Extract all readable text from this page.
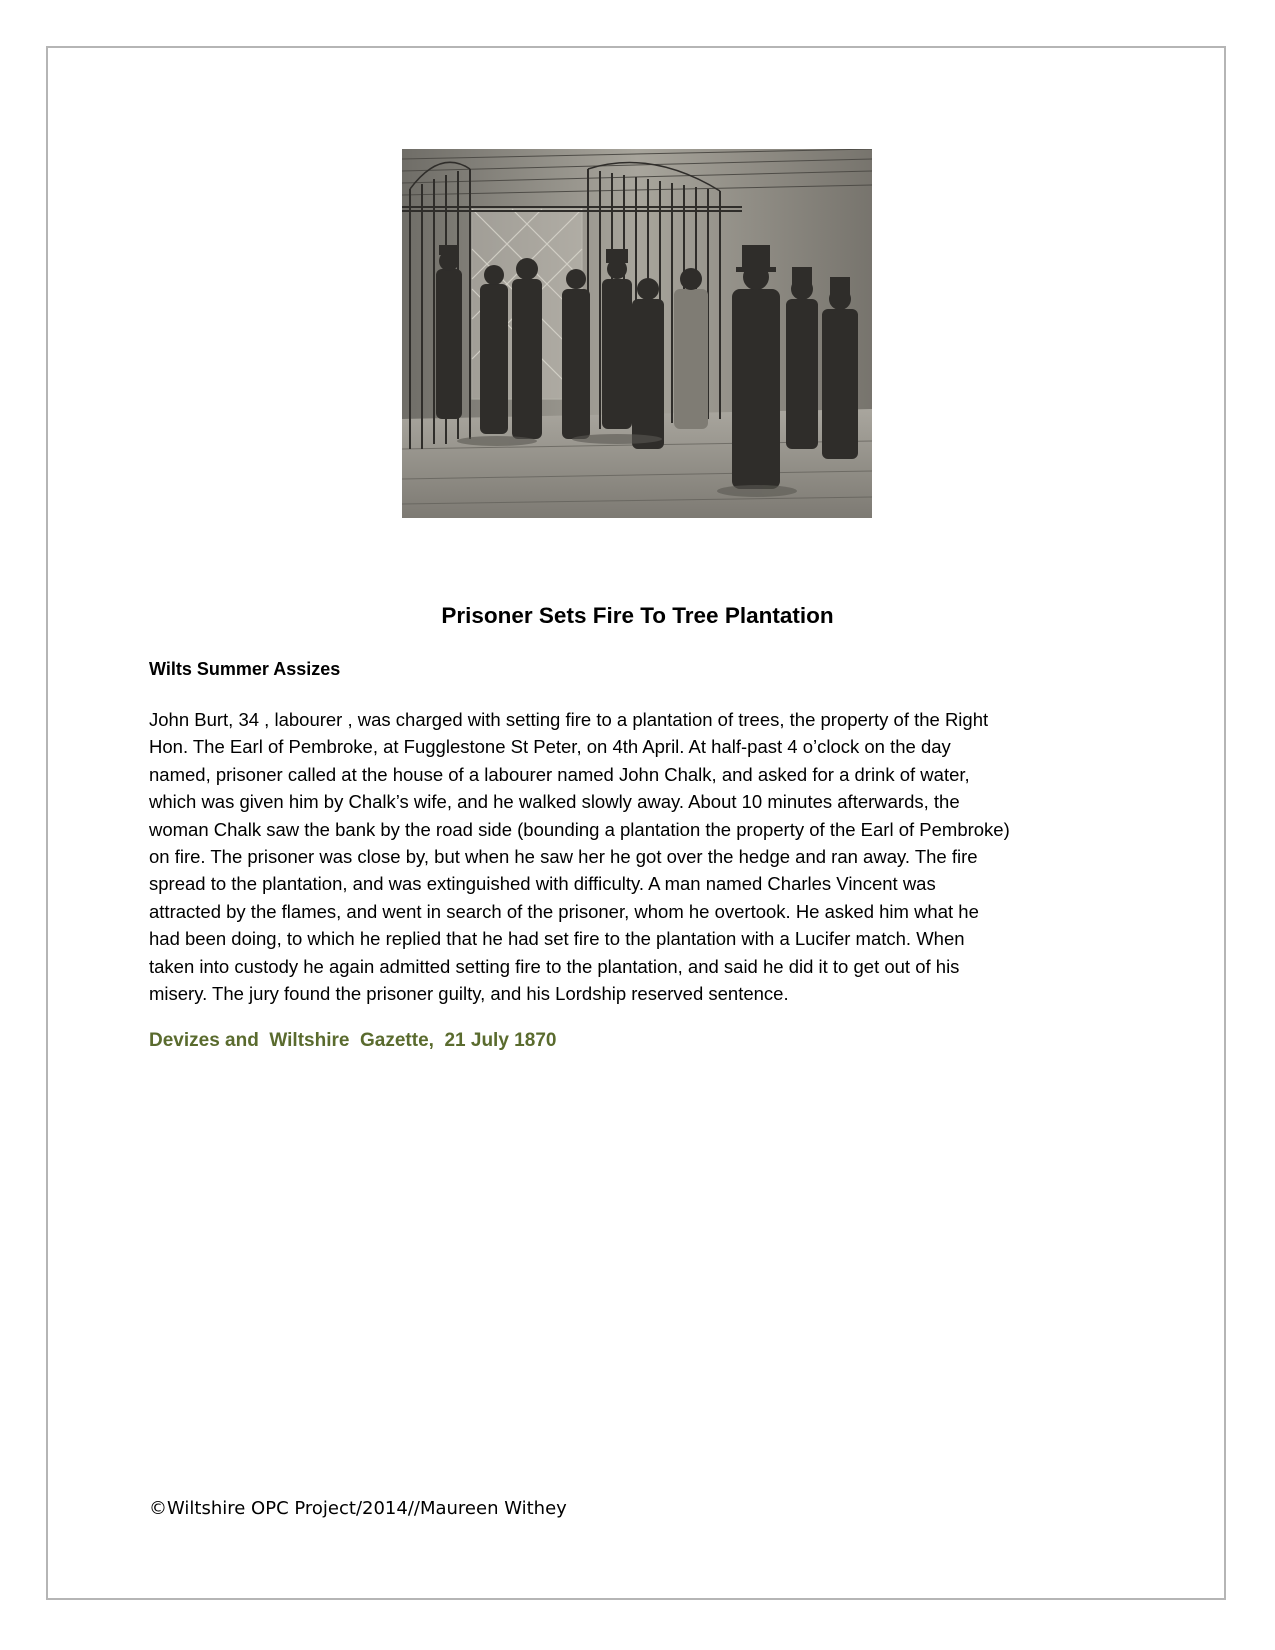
Prisoner Sets Fire To Tree Plantation
Wilts Summer Assizes
John Burt, 34 , labourer , was charged with setting fire to a plantation of trees, the property of the Right
Hon. The Earl of Pembroke, at Fugglestone St Peter, on 4th April. At half-past 4 o’clock on the day
named, prisoner called at the house of a labourer named John Chalk, and asked for a drink of water,
which was given him by Chalk’s wife, and he walked slowly away. About 10 minutes afterwards, the
woman Chalk saw the bank by the road side (bounding a plantation the property of the Earl of Pembroke)
on fire. The prisoner was close by, but when he saw her he got over the hedge and ran away. The fire
spread to the plantation, and was extinguished with difficulty. A man named Charles Vincent was
attracted by the flames, and went in search of the prisoner, whom he overtook. He asked him what he
had been doing, to which he replied that he had set fire to the plantation with a Lucifer match. When
taken into custody he again admitted setting fire to the plantation, and said he did it to get out of his
misery. The jury found the prisoner guilty, and his Lordship reserved sentence.
Devizes and  Wiltshire  Gazette,  21 July 1870
©Wiltshire OPC Project/2014//Maureen Withey
